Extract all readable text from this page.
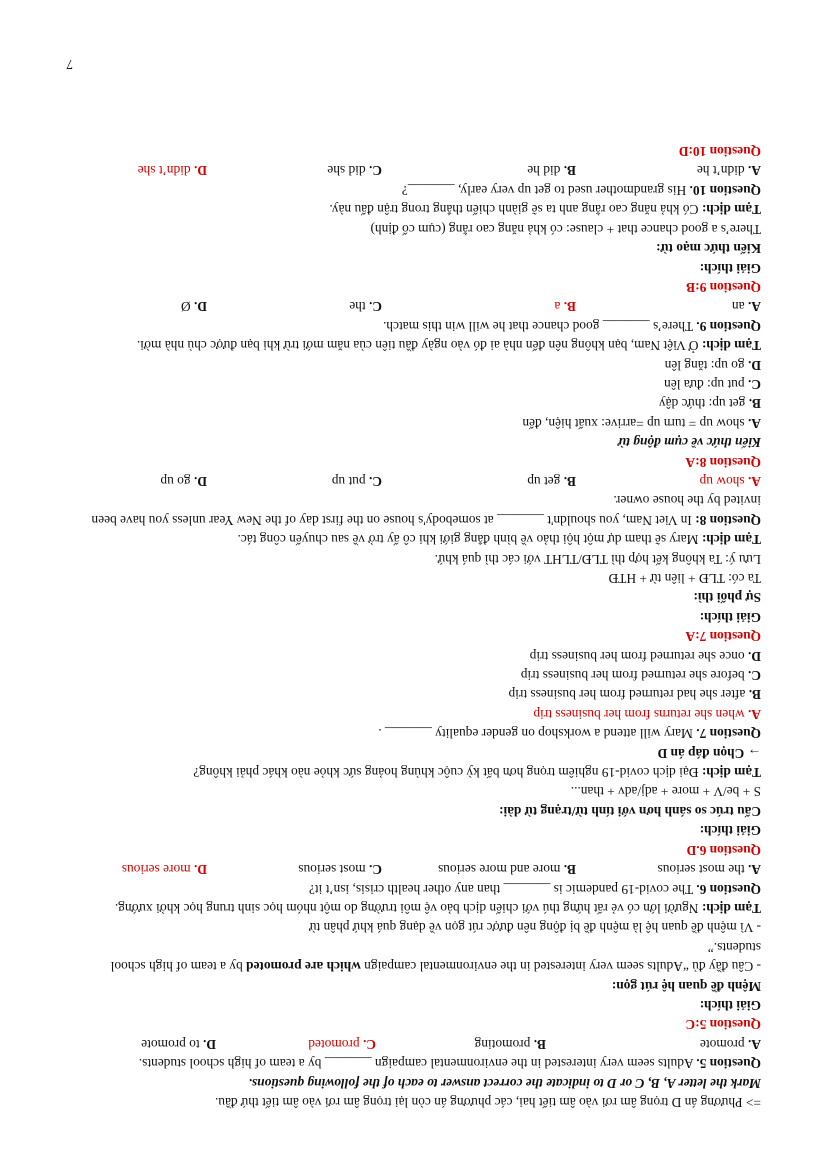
=> Phương án D trọng âm rơi vào âm tiết hai, các phương án còn lại trọng âm rơi vào âm tiết thứ đầu.
Mark the letter A, B, C or D to indicate the correct answer to each of the following questions.
Question 5. Adults seem very interested in the environmental campaign _______ by a team of high school students.
A. promote
B. promoting
C. promoted
D. to promote
Question 5:C
Giải thích:
Mệnh đề quan hệ rút gọn:
- Câu đầy đủ “Adults seem very interested in the environmental campaign which are promoted by a team of high school students.”
- Vì mệnh đề quan hệ là mệnh đề bị động nên được rút gọn về dạng quá khứ phân từ
Tạm dịch: Người lớn có vẻ rất hứng thú với chiến dịch bảo vệ môi trường do một nhóm học sinh trung học khởi xướng.
Question 6. The covid-19 pandemic is _______ than any other health crisis, isn’t it?
A. the most serious
B. more and more serious
C. most serious
D. more serious
Question 6.D
Giải thích:
Cấu trúc so sánh hơn với tính từ/trạng từ dài:
S + be/V + more + adj/adv + than...
Tạm dịch: Đại dịch covid-19 nghiêm trọng hơn bất kỳ cuộc khủng hoảng sức khỏe nào khác phải không?
→ Chọn đáp án D
Question 7. Mary will attend a workshop on gender equality _______ .
A. when she returns from her business trip
B. after she had returned from her business trip
C. before she returned from her business trip
D. once she returned from her business trip
Question 7:A
Giải thích:
Sự phối thì:
Ta có: TLĐ + liên từ + HTĐ
Lưu ý: Ta không kết hợp thì TLĐ/TLHT với các thì quá khứ.
Tạm dịch: Mary sẽ tham dự một hội thảo về bình đẳng giới khi cô ấy trở về sau chuyến công tác.
Question 8: In Viet Nam, you shouldn't _______ at somebody's house on the first day of the New Year unless you have been invited by the house owner.
A. show up
B. get up
C. put up
D. go up
Question 8:A
Kiến thức về cụm động từ
A. show up = turn up =arrive: xuất hiện, đến
B. get up: thức dậy
C. put up: đưa lên
D. go up: tăng lên
Tạm dịch: Ở Việt Nam, bạn không nên đến nhà ai đó vào ngày đầu tiên của năm mới trừ khi bạn được chủ nhà mời.
Question 9. There’s _______ good chance that he will win this match.
A. an
B. a
C. the
D. Ø
Question 9:B
Giải thích:
Kiến thức mạo từ:
There’s a good chance that + clause: có khả năng cao rằng (cụm cố định)
Tạm dịch: Có khả năng cao rằng anh ta sẽ giành chiến thắng trong trận đấu này.
Question 10. His grandmother used to get up very early, _______?
A. didn’t he
B. did he
C. did she
D. didn’t she
Question 10:D
7
